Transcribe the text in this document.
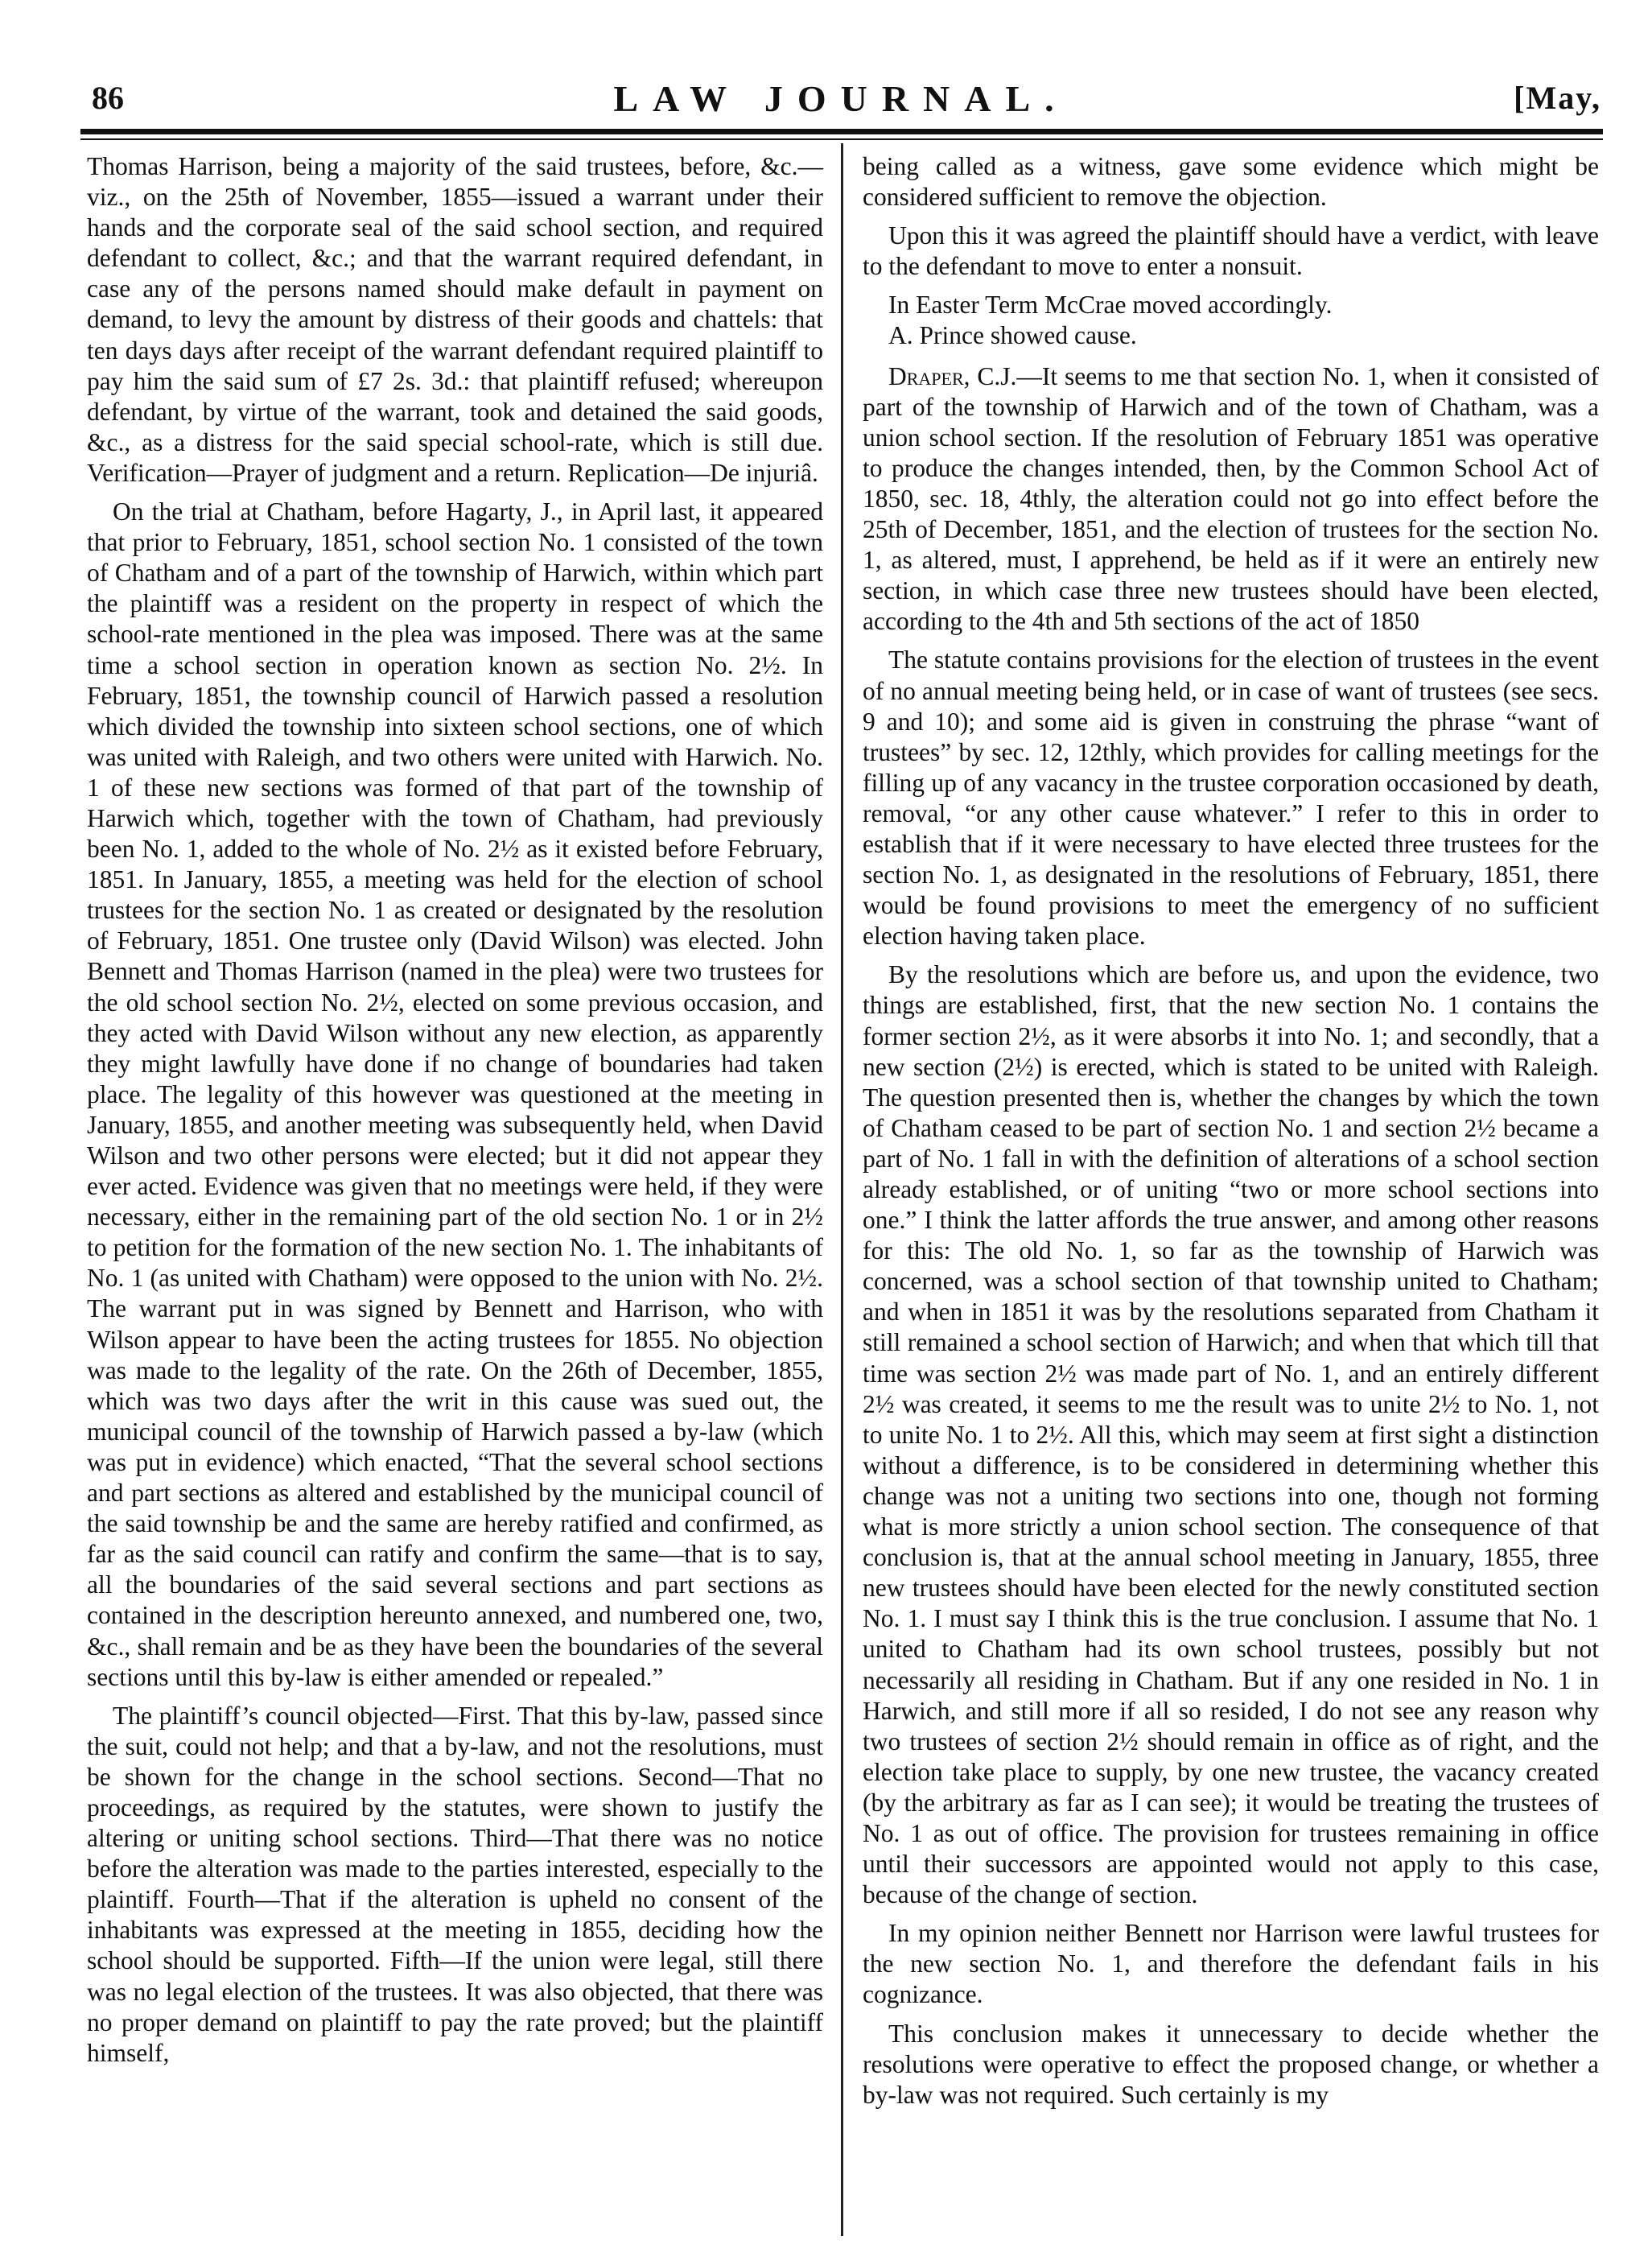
86	LAW JOURNAL.	[May,

Thomas Harrison, being a majority of the said trustees, before, &c.—viz., on the 25th of November, 1855—issued a warrant under their hands and the corporate seal of the said school section, and required defendant to collect, &c.; and that the warrant required defendant, in case any of the persons named should make default in payment on demand, to levy the amount by distress of their goods and chattels: that ten days days after receipt of the warrant defendant required plaintiff to pay him the said sum of £7 2s. 3d.: that plaintiff refused; whereupon defendant, by virtue of the warrant, took and detained the said goods, &c., as a distress for the said special school-rate, which is still due. Verification—Prayer of judgment and a return. Replication—De injuriâ.

On the trial at Chatham, before Hagarty, J., in April last, it appeared that prior to February, 1851, school section No. 1 consisted of the town of Chatham and of a part of the township of Harwich, within which part the plaintiff was a resident on the property in respect of which the school-rate mentioned in the plea was imposed. There was at the same time a school section in operation known as section No. 2½. In February, 1851, the township council of Harwich passed a resolution which divided the township into sixteen school sections, one of which was united with Raleigh, and two others were united with Harwich. No. 1 of these new sections was formed of that part of the township of Harwich which, together with the town of Chatham, had previously been No. 1, added to the whole of No. 2½ as it existed before February, 1851. In January, 1855, a meeting was held for the election of school trustees for the section No. 1 as created or designated by the resolution of February, 1851. One trustee only (David Wilson) was elected. John Bennett and Thomas Harrison (named in the plea) were two trustees for the old school section No. 2½, elected on some previous occasion, and they acted with David Wilson without any new election, as apparently they might lawfully have done if no change of boundaries had taken place. The legality of this however was questioned at the meeting in January, 1855, and another meeting was subsequently held, when David Wilson and two other persons were elected; but it did not appear they ever acted. Evidence was given that no meetings were held, if they were necessary, either in the remaining part of the old section No. 1 or in 2½ to petition for the formation of the new section No. 1. The inhabitants of No. 1 (as united with Chatham) were opposed to the union with No. 2½. The warrant put in was signed by Bennett and Harrison, who with Wilson appear to have been the acting trustees for 1855. No objection was made to the legality of the rate. On the 26th of December, 1855, which was two days after the writ in this cause was sued out, the municipal council of the township of Harwich passed a by-law (which was put in evidence) which enacted, “That the several school sections and part sections as altered and established by the municipal council of the said township be and the same are hereby ratified and confirmed, as far as the said council can ratify and confirm the same—that is to say, all the boundaries of the said several sections and part sections as contained in the description hereunto annexed, and numbered one, two, &c., shall remain and be as they have been the boundaries of the several sections until this by-law is either amended or repealed.”

The plaintiff’s council objected—First. That this by-law, passed since the suit, could not help; and that a by-law, and not the resolutions, must be shown for the change in the school sections. Second—That no proceedings, as required by the statutes, were shown to justify the altering or uniting school sections. Third—That there was no notice before the alteration was made to the parties interested, especially to the plaintiff. Fourth—That if the alteration is upheld no consent of the inhabitants was expressed at the meeting in 1855, deciding how the school should be supported. Fifth—If the union were legal, still there was no legal election of the trustees. It was also objected, that there was no proper demand on plaintiff to pay the rate proved; but the plaintiff himself,

being called as a witness, gave some evidence which might be considered sufficient to remove the objection.

Upon this it was agreed the plaintiff should have a verdict, with leave to the defendant to move to enter a nonsuit.

In Easter Term McCrae moved accordingly.

A. Prince showed cause.

Draper, C.J.—It seems to me that section No. 1, when it consisted of part of the township of Harwich and of the town of Chatham, was a union school section. If the resolution of February 1851 was operative to produce the changes intended, then, by the Common School Act of 1850, sec. 18, 4thly, the alteration could not go into effect before the 25th of December, 1851, and the election of trustees for the section No. 1, as altered, must, I apprehend, be held as if it were an entirely new section, in which case three new trustees should have been elected, according to the 4th and 5th sections of the act of 1850

The statute contains provisions for the election of trustees in the event of no annual meeting being held, or in case of want of trustees (see secs. 9 and 10); and some aid is given in construing the phrase “want of trustees” by sec. 12, 12thly, which provides for calling meetings for the filling up of any vacancy in the trustee corporation occasioned by death, removal, “or any other cause whatever.” I refer to this in order to establish that if it were necessary to have elected three trustees for the section No. 1, as designated in the resolutions of February, 1851, there would be found provisions to meet the emergency of no sufficient election having taken place.

By the resolutions which are before us, and upon the evidence, two things are established, first, that the new section No. 1 contains the former section 2½, as it were absorbs it into No. 1; and secondly, that a new section (2½) is erected, which is stated to be united with Raleigh. The question presented then is, whether the changes by which the town of Chatham ceased to be part of section No. 1 and section 2½ became a part of No. 1 fall in with the definition of alterations of a school section already established, or of uniting “two or more school sections into one.” I think the latter affords the true answer, and among other reasons for this: The old No. 1, so far as the township of Harwich was concerned, was a school section of that township united to Chatham; and when in 1851 it was by the resolutions separated from Chatham it still remained a school section of Harwich; and when that which till that time was section 2½ was made part of No. 1, and an entirely different 2½ was created, it seems to me the result was to unite 2½ to No. 1, not to unite No. 1 to 2½. All this, which may seem at first sight a distinction without a difference, is to be considered in determining whether this change was not a uniting two sections into one, though not forming what is more strictly a union school section. The consequence of that conclusion is, that at the annual school meeting in January, 1855, three new trustees should have been elected for the newly constituted section No. 1. I must say I think this is the true conclusion. I assume that No. 1 united to Chatham had its own school trustees, possibly but not necessarily all residing in Chatham. But if any one resided in No. 1 in Harwich, and still more if all so resided, I do not see any reason why two trustees of section 2½ should remain in office as of right, and the election take place to supply, by one new trustee, the vacancy created (by the arbitrary as far as I can see); it would be treating the trustees of No. 1 as out of office. The provision for trustees remaining in office until their successors are appointed would not apply to this case, because of the change of section.

In my opinion neither Bennett nor Harrison were lawful trustees for the new section No. 1, and therefore the defendant fails in his cognizance.

This conclusion makes it unnecessary to decide whether the resolutions were operative to effect the proposed change, or whether a by-law was not required. Such certainly is my
